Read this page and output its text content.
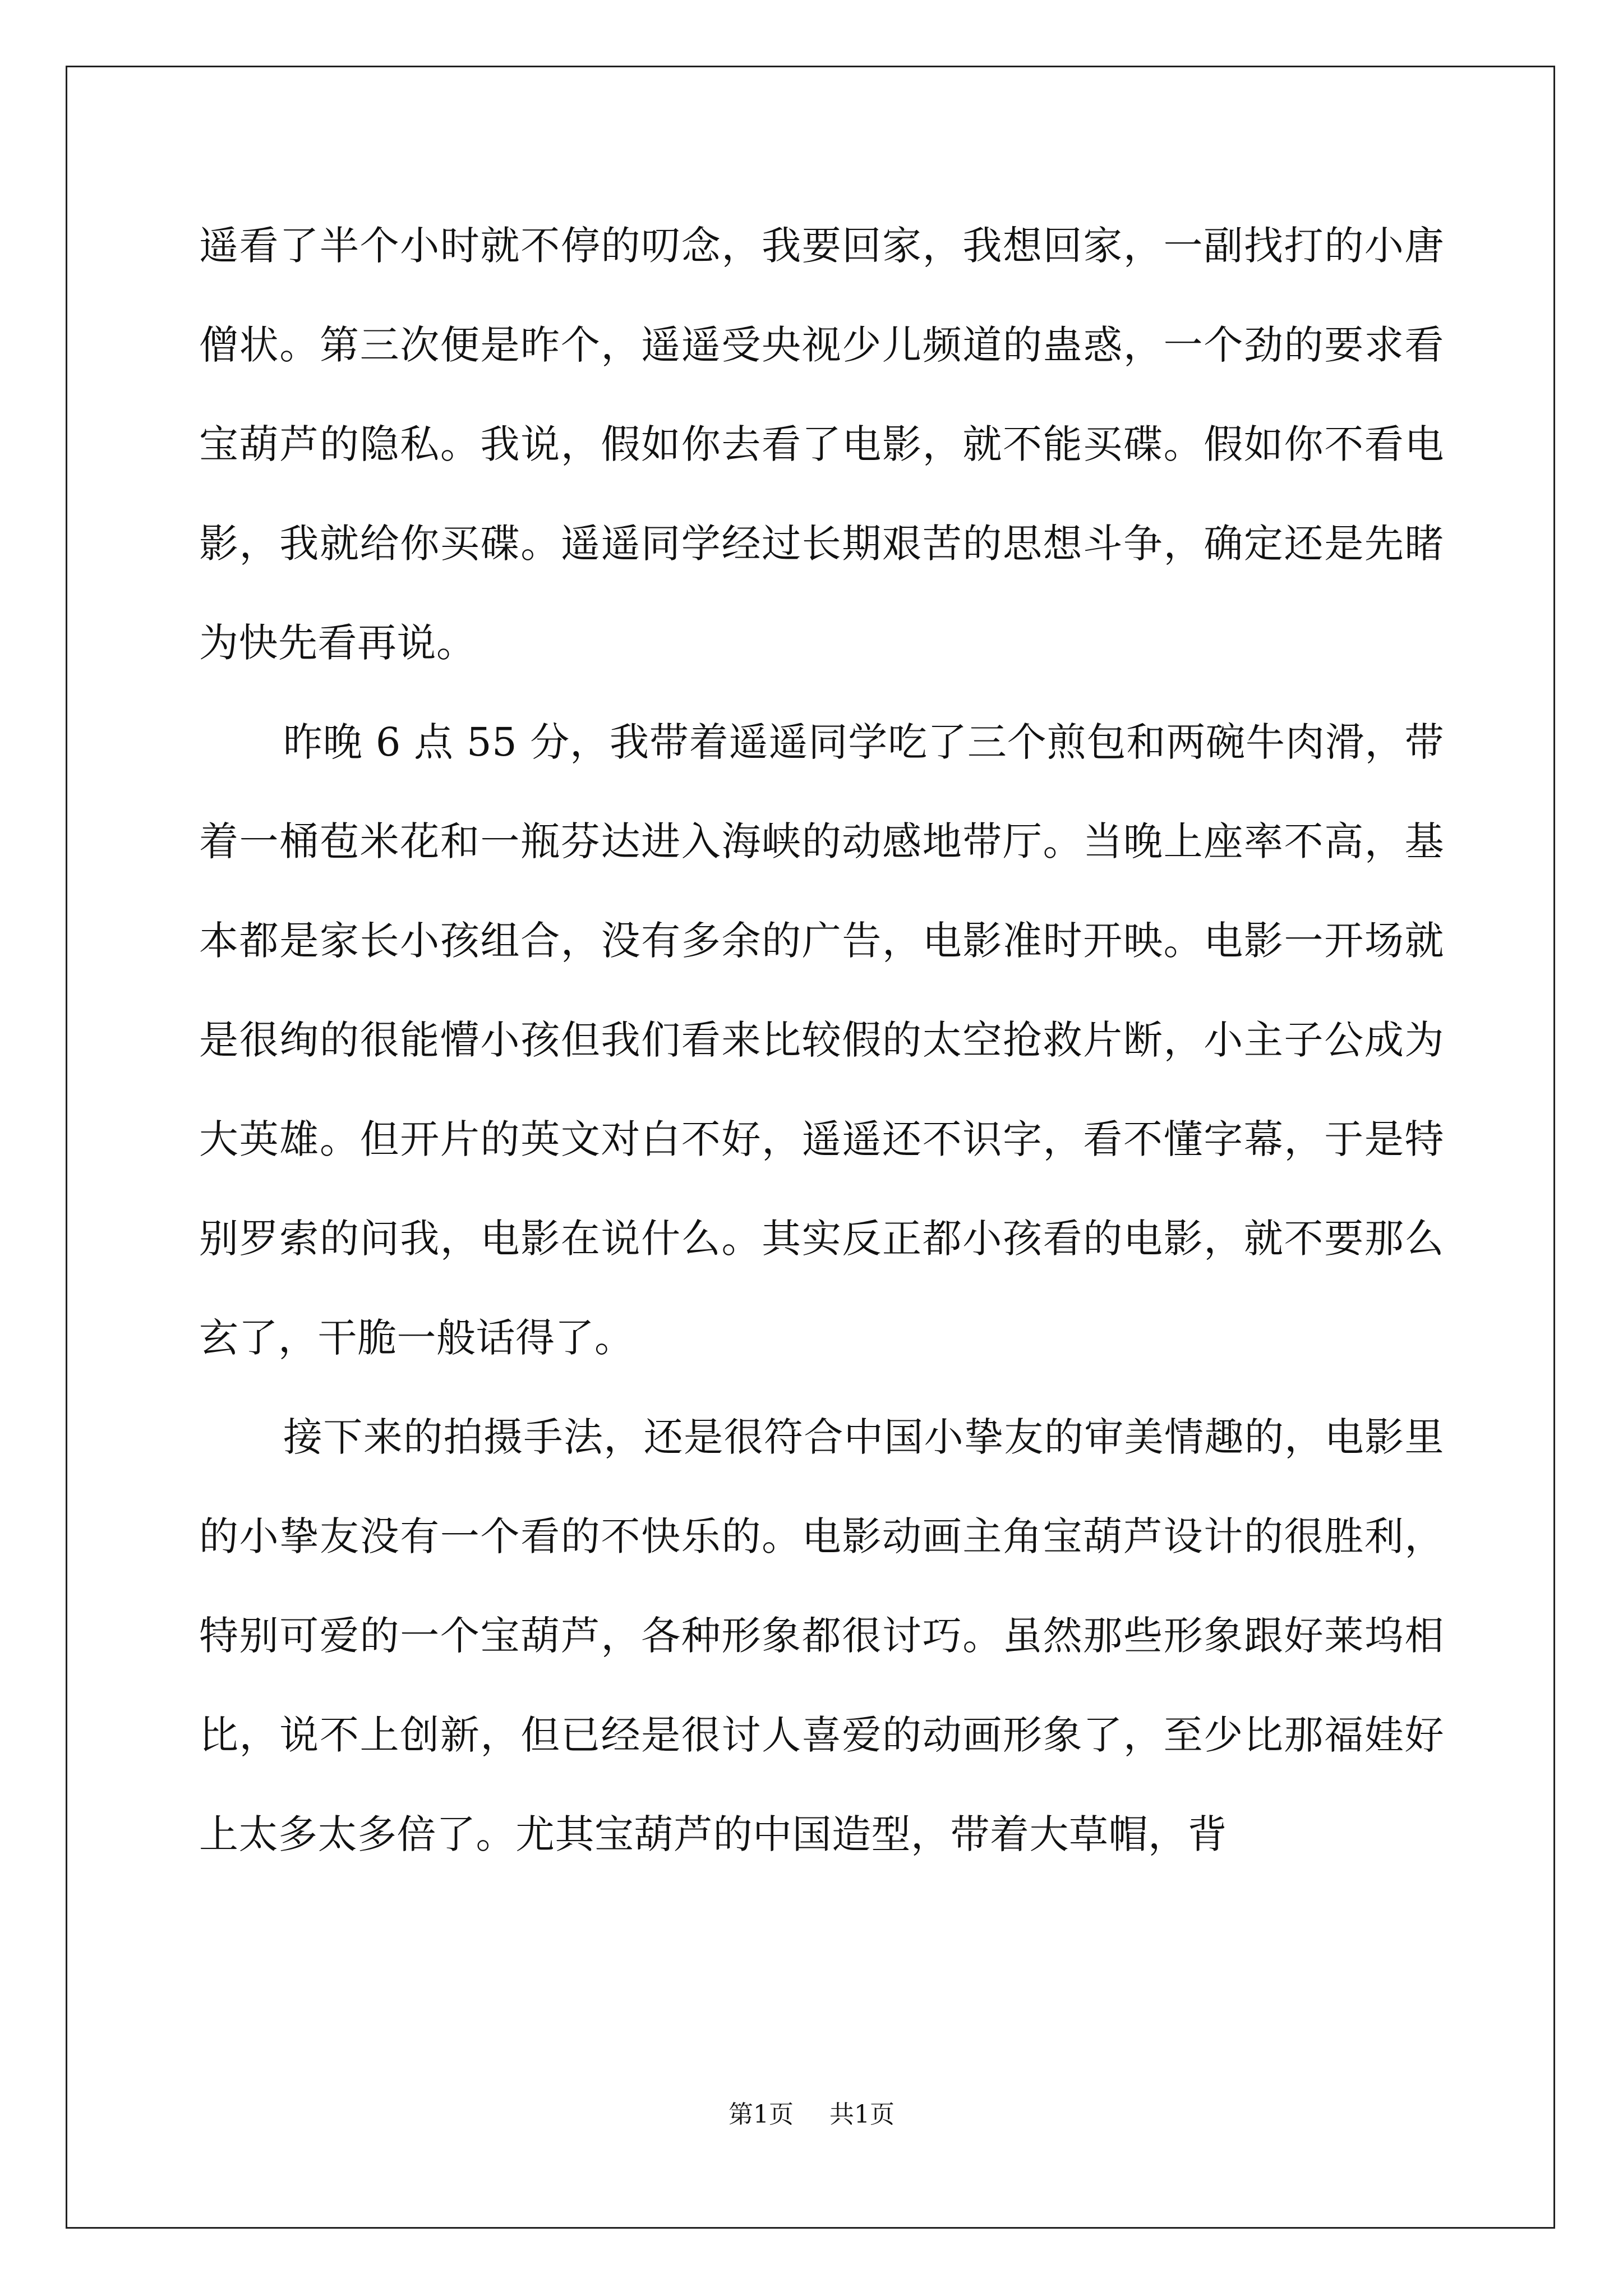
遥看了半个小时就不停的叨念，我要回家，我想回家，一副找打的小唐僧状。第三次便是昨个，遥遥受央视少儿频道的蛊惑，一个劲的要求看宝葫芦的隐私。我说，假如你去看了电影，就不能买碟。假如你不看电影，我就给你买碟。遥遥同学经过长期艰苦的思想斗争，确定还是先睹为快先看再说。

昨晚 6 点 55 分，我带着遥遥同学吃了三个煎包和两碗牛肉滑，带着一桶苞米花和一瓶芬达进入海峡的动感地带厅。当晚上座率不高，基本都是家长小孩组合，没有多余的广告，电影准时开映。电影一开场就是很绚的很能懵小孩但我们看来比较假的太空抢救片断，小主子公成为大英雄。但开片的英文对白不好，遥遥还不识字，看不懂字幕，于是特别罗索的问我，电影在说什么。其实反正都小孩看的电影，就不要那么玄了，干脆一般话得了。

接下来的拍摄手法，还是很符合中国小挚友的审美情趣的，电影里的小挚友没有一个看的不快乐的。电影动画主角宝葫芦设计的很胜利，特别可爱的一个宝葫芦，各种形象都很讨巧。虽然那些形象跟好莱坞相比，说不上创新，但已经是很讨人喜爱的动画形象了，至少比那福娃好上太多太多倍了。尤其宝葫芦的中国造型，带着大草帽，背

第1页 共1页
